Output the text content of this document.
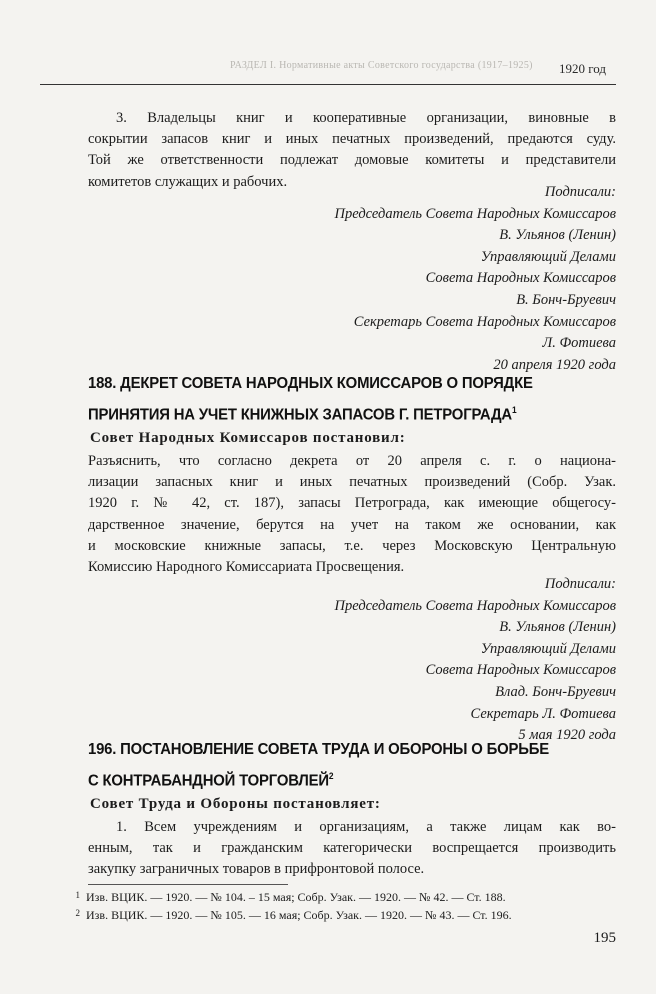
РАЗДЕЛ I. Нормативные акты Советского государства (1917–1925) 1920 год

3. Владельцы книг и кооперативные организации, виновные в
сокрытии запасов книг и иных печатных произведений, предаются суду.
Той же ответственности подлежат домовые комитеты и представители
комитетов служащих и рабочих.

Подписали:
Председатель Совета Народных Комиссаров
В. Ульянов (Ленин)
Управляющий Делами
Совета Народных Комиссаров
В. Бонч-Бруевич
Секретарь Совета Народных Комиссаров
Л. Фотиева
20 апреля 1920 года
188. ДЕКРЕТ СОВЕТА НАРОДНЫХ КОМИССАРОВ О ПОРЯДКЕ
ПРИНЯТИЯ НА УЧЕТ КНИЖНЫХ ЗАПАСОВ Г. ПЕТРОГРАДА$^1$
Совет Народных Комиссаров постановил:

Разъяснить, что согласно декрета от 20 апреля с. г. о национа-
лизации запасных книг и иных печатных произведений (Собр. Узак.
1920 г. № 42, ст. 187), запасы Петрограда, как имеющие общегосу-
дарственное значение, берутся на учет на таком же основании, как
и московские книжные запасы, т.е. через Московскую Центральную
Комиссию Народного Комиссариата Просвещения.

Подписали:
Председатель Совета Народных Комиссаров
В. Ульянов (Ленин)
Управляющий Делами
Совета Народных Комиссаров
Влад. Бонч-Бруевич
Секретарь Л. Фотиева
5 мая 1920 года
196. ПОСТАНОВЛЕНИЕ СОВЕТА ТРУДА И ОБОРОНЫ О БОРЬБЕ
С КОНТРАБАНДНОЙ ТОРГОВЛЕЙ$^2$
Совет Труда и Обороны постановляет:

1. Всем учреждениям и организациям, а также лицам как во-
енным, так и гражданским категорически воспрещается производить
закупку заграничных товаров в прифронтовой полосе.

1 Изв. ВЦИК. — 1920. — № 104. – 15 мая; Собр. Узак. — 1920. — № 42. — Ст. 188.
2 Изв. ВЦИК. — 1920. — № 105. — 16 мая; Собр. Узак. — 1920. — № 43. — Ст. 196.
195
